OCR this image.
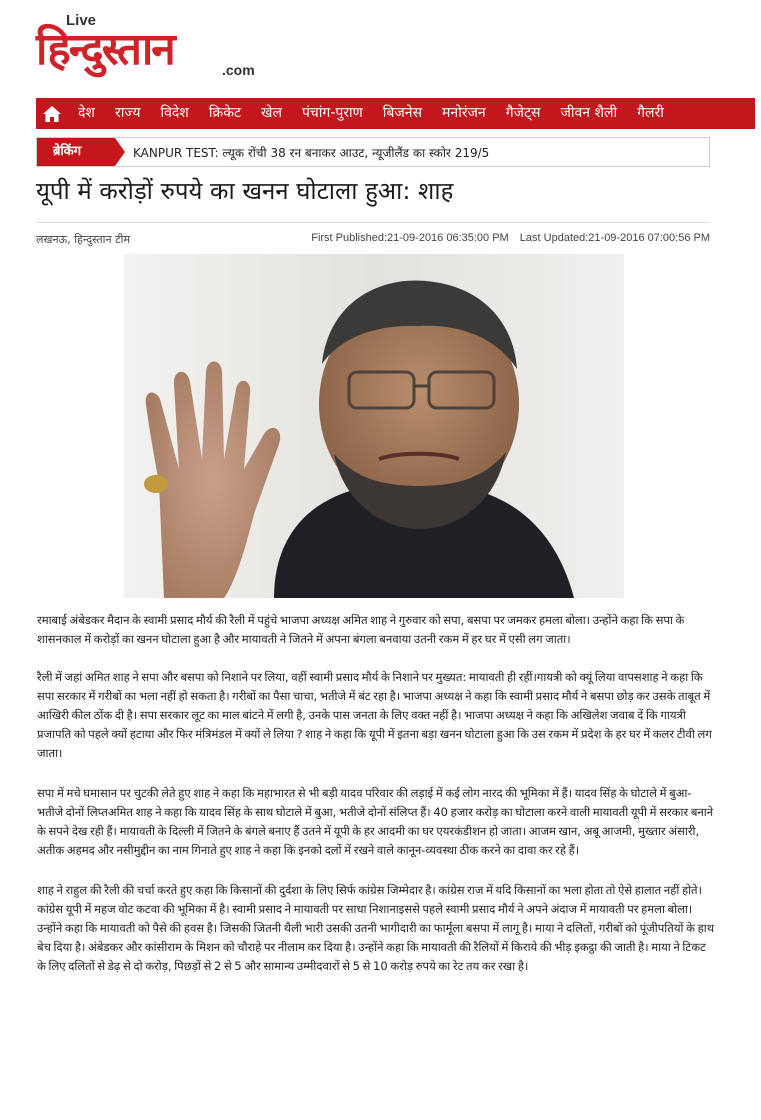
Live
हिन्दुस्तान	.com
देश	राज्य	विदेश	क्रिकेट	खेल	पंचांग-पुराण	बिजनेस	मनोरंजन	गैजेट्स	जीवन शैली	गैलरी
ब्रेकिंग	KANPUR TEST: ल्यूक रोंची 38 रन बनाकर आउट, न्यूजीलैंड का स्कोर 219/5
यूपी में करोड़ों रुपये का खनन घोटाला हुआ: शाह
लखनऊ, हिन्दुस्तान टीम	First Published:21-09-2016 06:35:00 PM Last Updated:21-09-2016 07:00:56 PM

रमाबाई अंबेडकर मैदान के स्वामी प्रसाद मौर्य की रैली में पहुंचे भाजपा अध्यक्ष अमित शाह ने गुरुवार को सपा, बसपा पर जमकर हमला बोला। उन्होंने कहा कि सपा के शासनकाल में करोड़ों का खनन घोटाला हुआ है और मायावती ने जितने में अपना बंगला बनवाया उतनी रकम में हर घर में एसी लग जाता।

रैली में जहां अमित शाह ने सपा और बसपा को निशाने पर लिया, वहीं स्वामी प्रसाद मौर्य के निशाने पर मुख्यत: मायावती ही रहीं।गायत्री को क्यूं लिया वापसशाह ने कहा कि सपा सरकार में गरीबों का भला नहीं हो सकता है। गरीबों का पैसा चाचा, भतीजे में बंट रहा है। भाजपा अध्यक्ष ने कहा कि स्वामी प्रसाद मौर्य ने बसपा छोड़ कर उसके ताबूत में आखिरी कील ठोंक दी है। सपा सरकार लूट का माल बांटने में लगी है, उनके पास जनता के लिए वक्त नहीं है। भाजपा अध्यक्ष ने कहा कि अखिलेश जवाब दें कि गायत्री प्रजापति को पहले क्यों हटाया और फिर मंत्रिमंडल में क्यों ले लिया ? शाह ने कहा कि यूपी में इतना बड़ा खनन घोटाला हुआ कि उस रकम में प्रदेश के हर घर में कलर टीवी लग जाता।

सपा में मचे घमासान पर चुटकी लेते हुए शाह ने कहा कि महाभारत से भी बड़ी यादव परिवार की लड़ाई में कई लोग नारद की भूमिका में हैं। यादव सिंह के घोटाले में बुआ-भतीजे दोनों लिप्तअमित शाह ने कहा कि यादव सिंह के साथ घोटाले में बुआ, भतीजे दोनों संलिप्त हैं। 40 हजार करोड़ का घोटाला करने वाली मायावती यूपी में सरकार बनाने के सपने देख रही हैं। मायावती के दिल्ली में जितने के बंगले बनाए हैं उतने में यूपी के हर आदमी का घर एयरकंडीशन हो जाता। आजम खान, अबू आजमी, मुख्तार अंसारी, अतीक अहमद और नसीमुद्दीन का नाम गिनाते हुए शाह ने कहा कि इनको दलों में रखने वाले कानून-व्यवस्था ठीक करने का दावा कर रहे हैं।

शाह ने राहुल की रैली की चर्चा करते हुए कहा कि किसानों की दुर्दशा के लिए सिर्फ कांग्रेस जिम्मेदार है। कांग्रेस राज में यदि किसानों का भला होता तो ऐसे हालात नहीं होते। कांग्रेस यूपी में महज वोट कटवा की भूमिका में है। स्वामी प्रसाद ने मायावती पर साधा निशानाइससे पहले स्वामी प्रसाद मौर्य ने अपने अंदाज में मायावती पर हमला बोला। उन्होंने कहा कि मायावती को पैसे की हवस है। जिसकी जितनी थैली भारी उसकी उतनी भागीदारी का फार्मूला बसपा में लागू है। माया ने दलितों, गरीबों को पूंजीपतियों के हाथ बेच दिया है। अंबेडकर और कांसीराम के मिशन को चौराहे पर नीलाम कर दिया है। उन्होंने कहा कि मायावती की रैलियों में किराये की भीड़ इकट्ठा की जाती है। माया ने टिकट के लिए दलितों से डेढ़ से दो करोड़, पिछड़ों से 2 से 5 और सामान्य उम्मीदवारों से 5 से 10 करोड़ रुपये का रेट तय कर रखा है।
